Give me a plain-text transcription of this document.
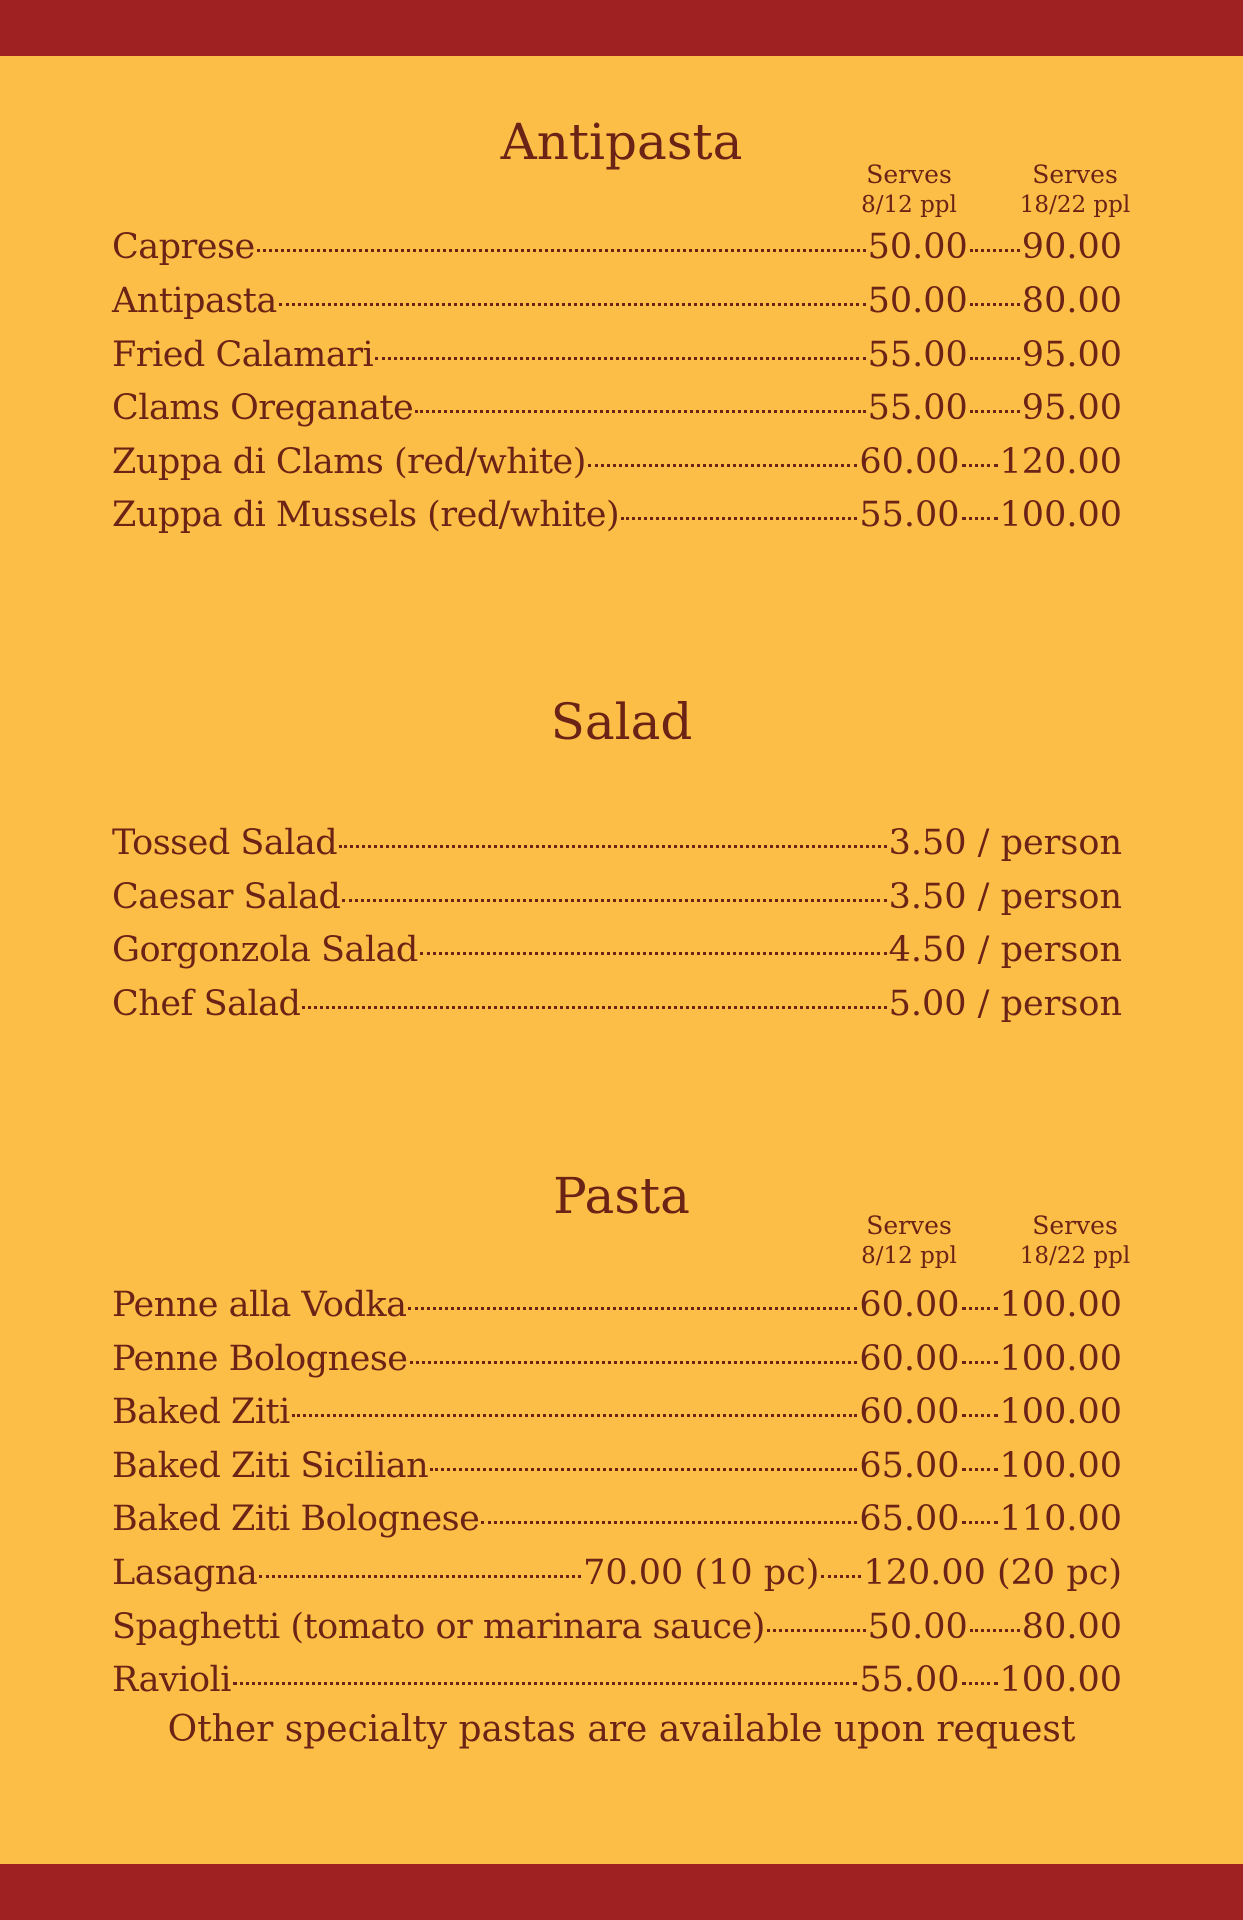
Antipasta
Serves
8/12 ppl
Serves
18/22 ppl
Caprese	50.00 90.00
Antipasta	50.00 80.00
Fried Calamari	55.00 95.00
Clams Oreganate	55.00 95.00
Zuppa di Clams (red/white)	60.00 120.00
Zuppa di Mussels (red/white)	55.00 100.00
Salad
Tossed Salad	3.50 / person
Caesar Salad	3.50 / person
Gorgonzola Salad	4.50 / person
Chef Salad	5.00 / person
Pasta
Serves
8/12 ppl
Serves
18/22 ppl
Penne alla Vodka	60.00 100.00
Penne Bolognese	60.00 100.00
Baked Ziti	60.00 100.00
Baked Ziti Sicilian	65.00 100.00
Baked Ziti Bolognese	65.00 110.00
Lasagna	70.00 (10 pc) 120.00 (20 pc)
Spaghetti (tomato or marinara sauce)	50.00 80.00
Ravioli	55.00 100.00
Other specialty pastas are available upon request
